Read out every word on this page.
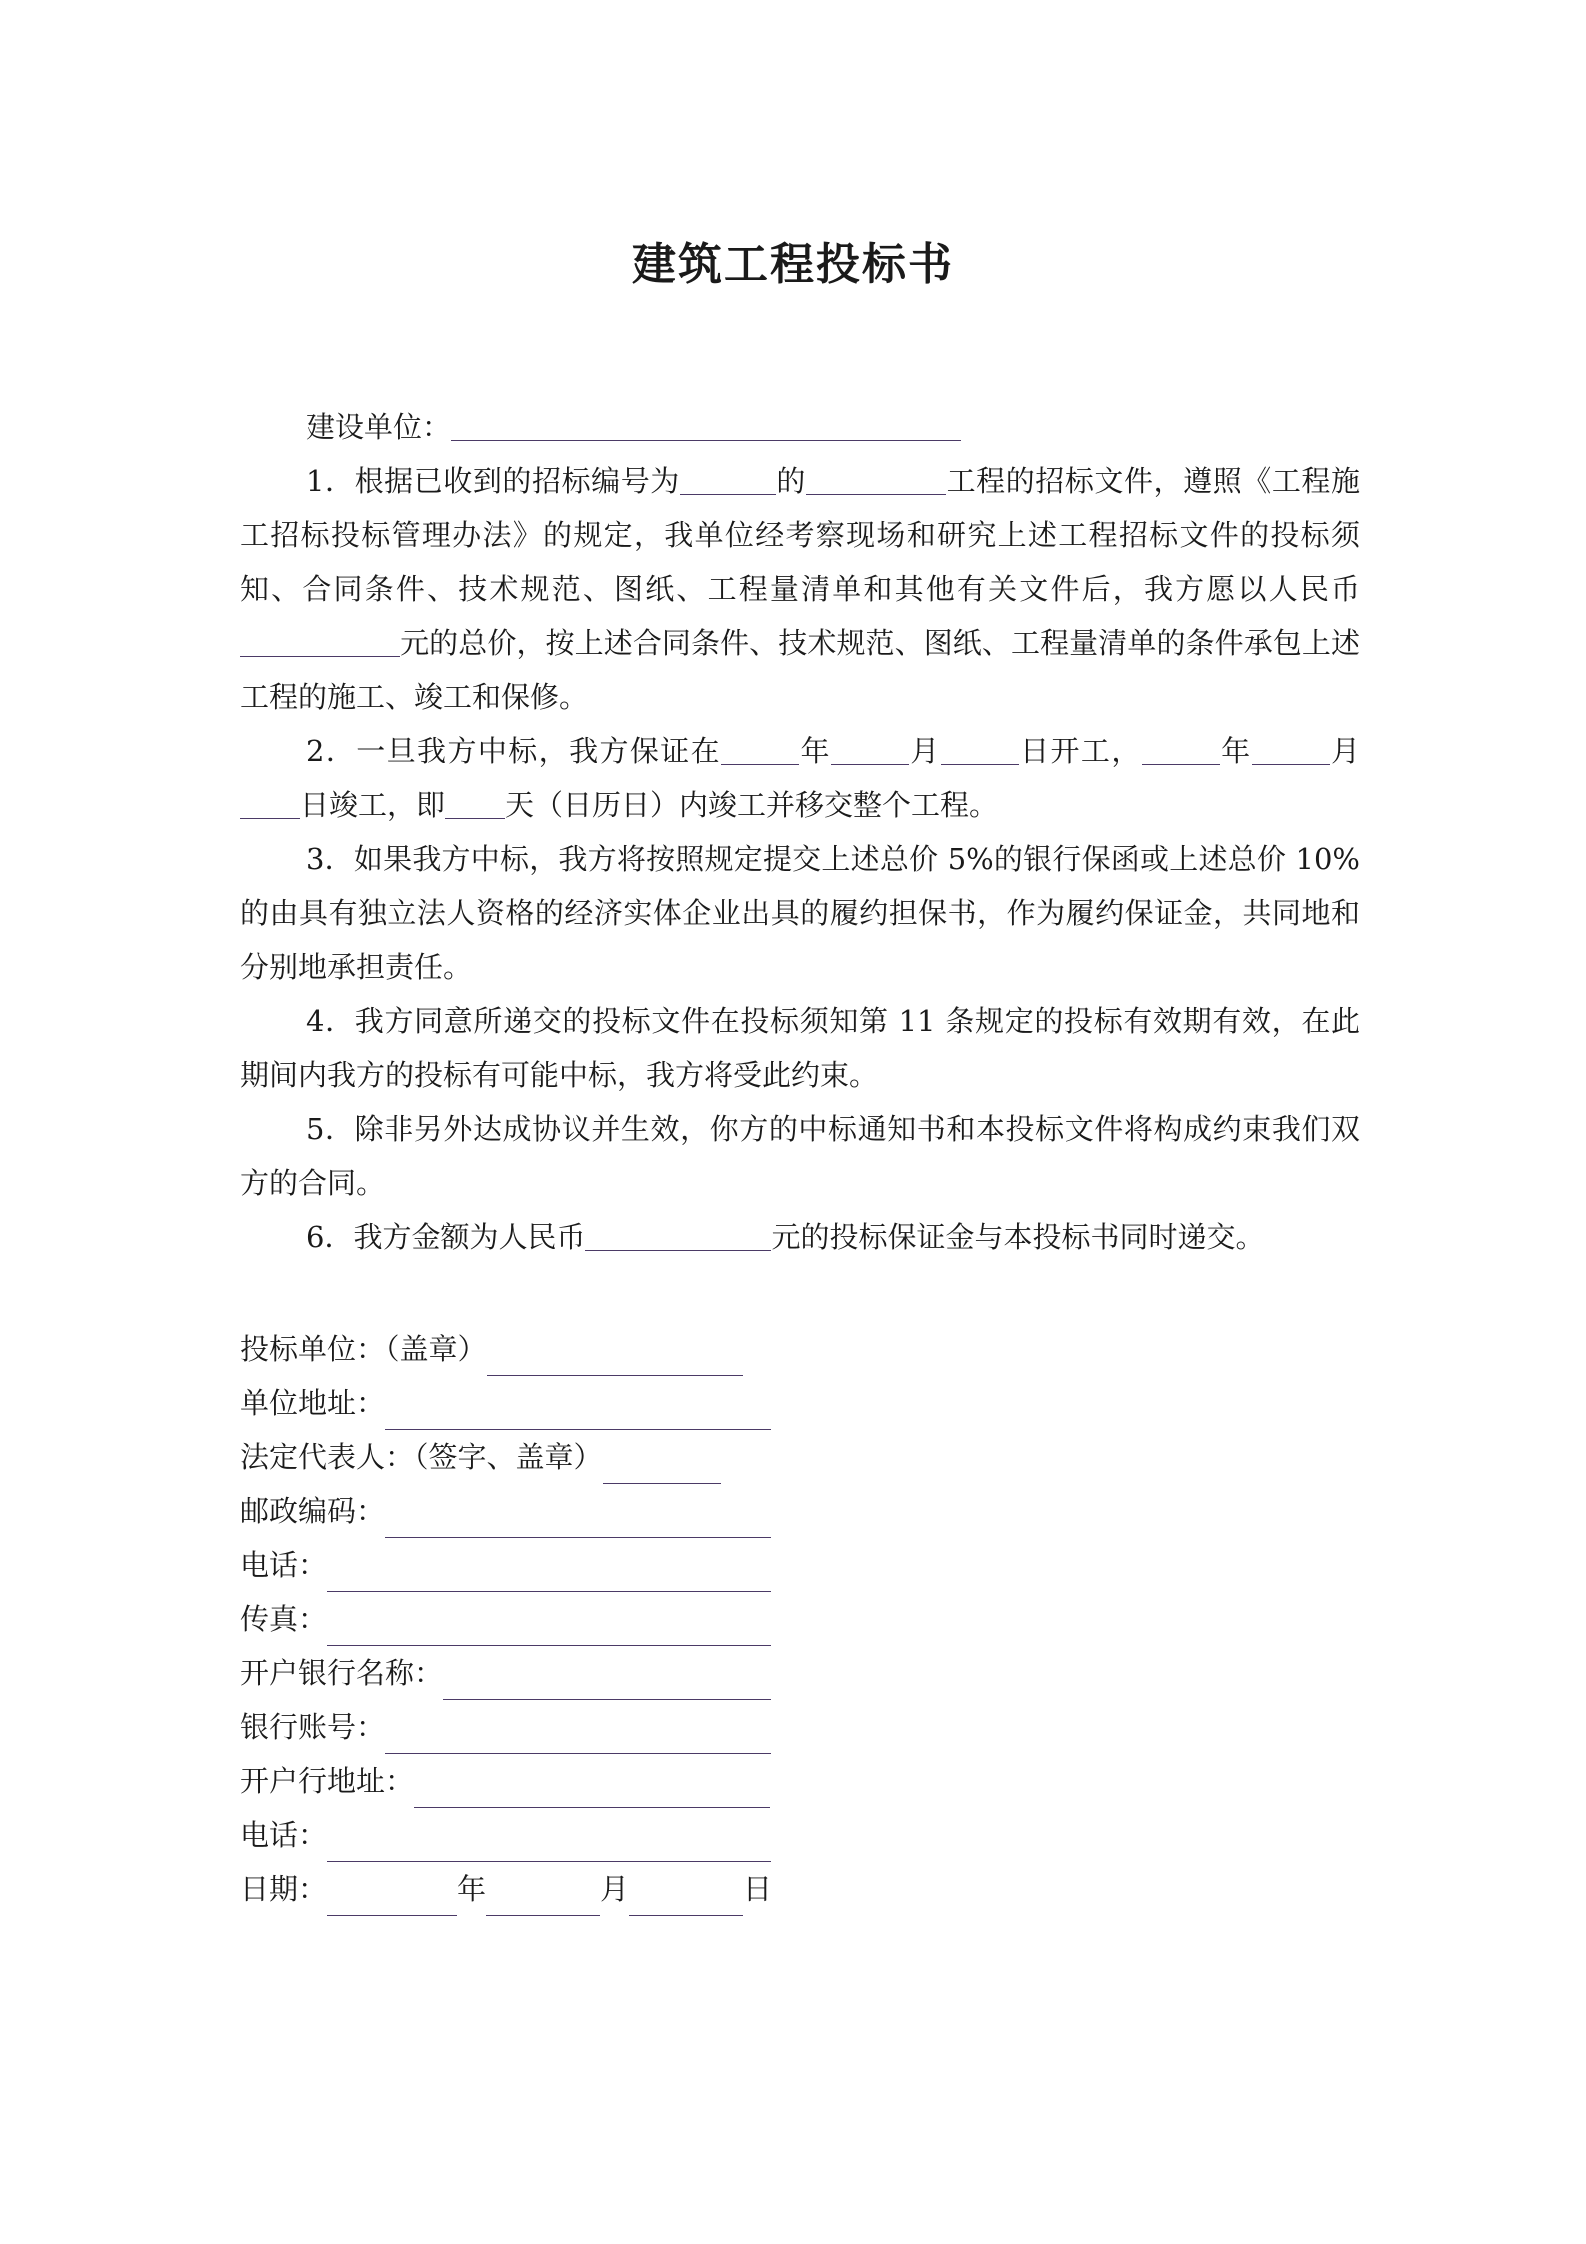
建筑工程投标书

建设单位：

1．根据已收到的招标编号为	的	工程的招标文件，遵照《工程施工招标投标管理办法》的规定，我单位经考察现场和研究上述工程招标文件的投标须知、合同条件、技术规范、图纸、工程量清单和其他有关文件后，我方愿以人民币元的总价，按上述合同条件、技术规范、图纸、工程量清单的条件承包上述工程的施工、竣工和保修。

2．一旦我方中标，我方保证在	年	月	日开工，	年	月日竣工，即 天（日历日）内竣工并移交整个工程。

3．如果我方中标，我方将按照规定提交上述总价 5%的银行保函或上述总价 10%的由具有独立法人资格的经济实体企业出具的履约担保书，作为履约保证金，共同地和分别地承担责任。

4．我方同意所递交的投标文件在投标须知第 11 条规定的投标有效期有效，在此期间内我方的投标有可能中标，我方将受此约束。

5．除非另外达成协议并生效，你方的中标通知书和本投标文件将构成约束我们双方的合同。

6．我方金额为人民币	元的投标保证金与本投标书同时递交。

投标单位：（盖章）
单位地址：
法定代表人：（签字、盖章）
邮政编码：
电话：
传真：
开户银行名称：
银行账号：
开户行地址：
电话：
日期：	年	月	日
